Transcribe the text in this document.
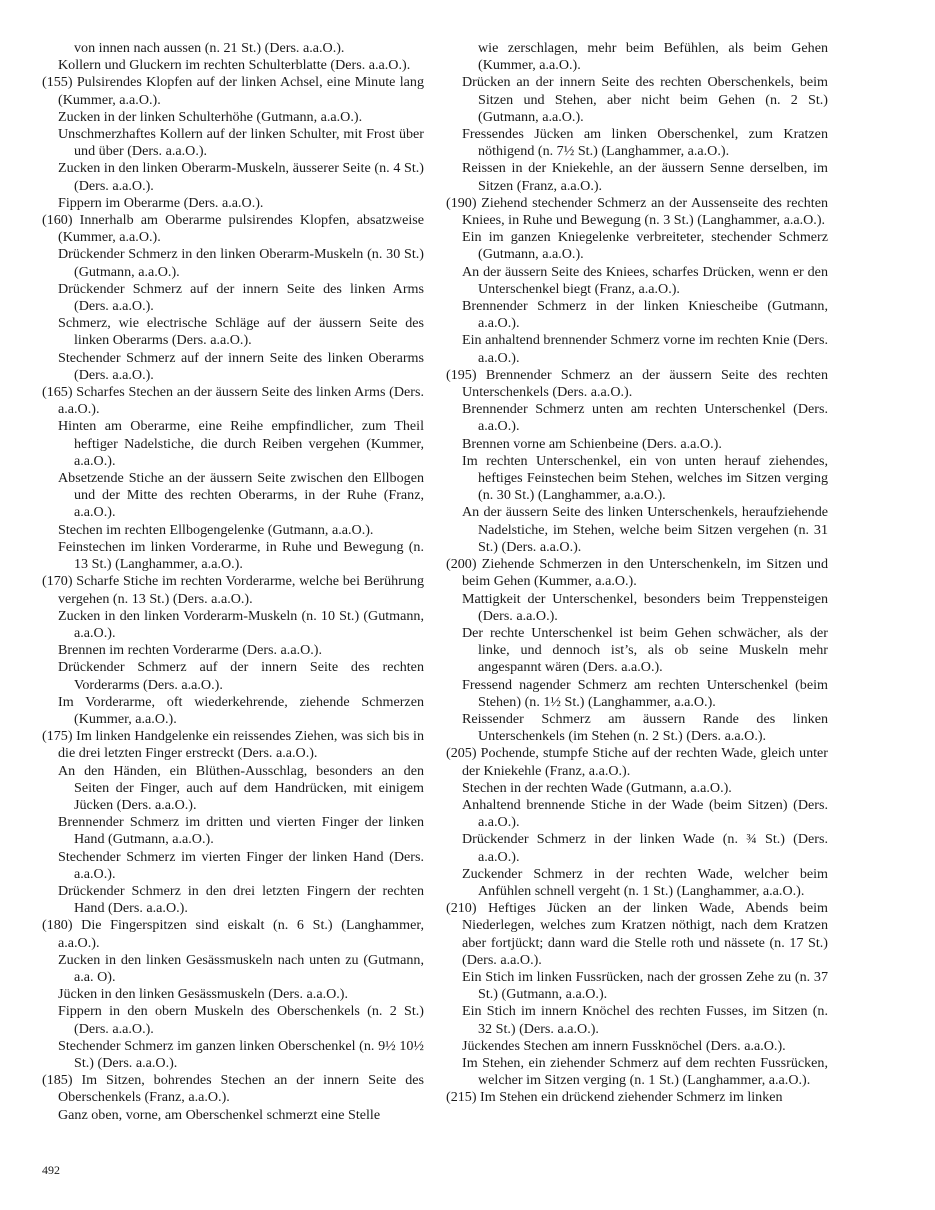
von innen nach aussen (n. 21 St.) (Ders. a.a.O.).

Kollern und Gluckern im rechten Schulterblatte (Ders. a.a.O.).

(155) Pulsirendes Klopfen auf der linken Achsel, eine Minute lang (Kummer, a.a.O.).

Zucken in der linken Schulterhöhe (Gutmann, a.a.O.).

Unschmerzhaftes Kollern auf der linken Schulter, mit Frost über und über (Ders. a.a.O.).

Zucken in den linken Oberarm-Muskeln, äusserer Seite (n. 4 St.) (Ders. a.a.O.).

Fippern im Oberarme (Ders. a.a.O.).

(160) Innerhalb am Oberarme pulsirendes Klopfen, absatzweise (Kummer, a.a.O.).

Drückender Schmerz in den linken Oberarm-Muskeln (n. 30 St.) (Gutmann, a.a.O.).

Drückender Schmerz auf der innern Seite des linken Arms (Ders. a.a.O.).

Schmerz, wie electrische Schläge auf der äussern Seite des linken Oberarms (Ders. a.a.O.).

Stechender Schmerz auf der innern Seite des linken Oberarms (Ders. a.a.O.).

(165) Scharfes Stechen an der äussern Seite des linken Arms (Ders. a.a.O.).

Hinten am Oberarme, eine Reihe empfindlicher, zum Theil heftiger Nadelstiche, die durch Reiben vergehen (Kummer, a.a.O.).

Absetzende Stiche an der äussern Seite zwischen den Ellbogen und der Mitte des rechten Oberarms, in der Ruhe (Franz, a.a.O.).

Stechen im rechten Ellbogengelenke (Gutmann, a.a.O.).

Feinstechen im linken Vorderarme, in Ruhe und Bewegung (n. 13 St.) (Langhammer, a.a.O.).

(170) Scharfe Stiche im rechten Vorderarme, welche bei Berührung vergehen (n. 13 St.) (Ders. a.a.O.).

Zucken in den linken Vorderarm-Muskeln (n. 10 St.) (Gutmann, a.a.O.).

Brennen im rechten Vorderarme (Ders. a.a.O.).

Drückender Schmerz auf der innern Seite des rechten Vorderarms (Ders. a.a.O.).

Im Vorderarme, oft wiederkehrende, ziehende Schmerzen (Kummer, a.a.O.).

(175) Im linken Handgelenke ein reissendes Ziehen, was sich bis in die drei letzten Finger erstreckt (Ders. a.a.O.).

An den Händen, ein Blüthen-Ausschlag, besonders an den Seiten der Finger, auch auf dem Handrücken, mit einigem Jücken (Ders. a.a.O.).

Brennender Schmerz im dritten und vierten Finger der linken Hand (Gutmann, a.a.O.).

Stechender Schmerz im vierten Finger der linken Hand (Ders. a.a.O.).

Drückender Schmerz in den drei letzten Fingern der rechten Hand (Ders. a.a.O.).

(180) Die Fingerspitzen sind eiskalt (n. 6 St.) (Langhammer, a.a.O.).

Zucken in den linken Gesässmuskeln nach unten zu (Gutmann, a.a. O).

Jücken in den linken Gesässmuskeln (Ders. a.a.O.).

Fippern in den obern Muskeln des Oberschenkels (n. 2 St.) (Ders. a.a.O.).

Stechender Schmerz im ganzen linken Oberschenkel (n. 9½ 10½ St.) (Ders. a.a.O.).

(185) Im Sitzen, bohrendes Stechen an der innern Seite des Oberschenkels (Franz, a.a.O.).

Ganz oben, vorne, am Oberschenkel schmerzt eine Stelle

wie zerschlagen, mehr beim Befühlen, als beim Gehen (Kummer, a.a.O.).

Drücken an der innern Seite des rechten Oberschenkels, beim Sitzen und Stehen, aber nicht beim Gehen (n. 2 St.) (Gutmann, a.a.O.).

Fressendes Jücken am linken Oberschenkel, zum Kratzen nöthigend (n. 7½ St.) (Langhammer, a.a.O.).

Reissen in der Kniekehle, an der äussern Senne derselben, im Sitzen (Franz, a.a.O.).

(190) Ziehend stechender Schmerz an der Aussenseite des rechten Kniees, in Ruhe und Bewegung (n. 3 St.) (Langhammer, a.a.O.).

Ein im ganzen Kniegelenke verbreiteter, stechender Schmerz (Gutmann, a.a.O.).

An der äussern Seite des Kniees, scharfes Drücken, wenn er den Unterschenkel biegt (Franz, a.a.O.).

Brennender Schmerz in der linken Kniescheibe (Gutmann, a.a.O.).

Ein anhaltend brennender Schmerz vorne im rechten Knie (Ders. a.a.O.).

(195) Brennender Schmerz an der äussern Seite des rechten Unterschenkels (Ders. a.a.O.).

Brennender Schmerz unten am rechten Unterschenkel (Ders. a.a.O.).

Brennen vorne am Schienbeine (Ders. a.a.O.).

Im rechten Unterschenkel, ein von unten herauf ziehendes, heftiges Feinstechen beim Stehen, welches im Sitzen verging (n. 30 St.) (Langhammer, a.a.O.).

An der äussern Seite des linken Unterschenkels, heraufziehende Nadelstiche, im Stehen, welche beim Sitzen vergehen (n. 31 St.) (Ders. a.a.O.).

(200) Ziehende Schmerzen in den Unterschenkeln, im Sitzen und beim Gehen (Kummer, a.a.O.).

Mattigkeit der Unterschenkel, besonders beim Treppensteigen (Ders. a.a.O.).

Der rechte Unterschenkel ist beim Gehen schwächer, als der linke, und dennoch ist’s, als ob seine Muskeln mehr angespannt wären (Ders. a.a.O.).

Fressend nagender Schmerz am rechten Unterschenkel (beim Stehen) (n. 1½ St.) (Langhammer, a.a.O.).

Reissender Schmerz am äussern Rande des linken Unterschenkels (im Stehen (n. 2 St.) (Ders. a.a.O.).

(205) Pochende, stumpfe Stiche auf der rechten Wade, gleich unter der Kniekehle (Franz, a.a.O.).

Stechen in der rechten Wade (Gutmann, a.a.O.).

Anhaltend brennende Stiche in der Wade (beim Sitzen) (Ders. a.a.O.).

Drückender Schmerz in der linken Wade (n. ¾ St.) (Ders. a.a.O.).

Zuckender Schmerz in der rechten Wade, welcher beim Anfühlen schnell vergeht (n. 1 St.) (Langhammer, a.a.O.).

(210) Heftiges Jücken an der linken Wade, Abends beim Niederlegen, welches zum Kratzen nöthigt, nach dem Kratzen aber fortjückt; dann ward die Stelle roth und nässete (n. 17 St.) (Ders. a.a.O.).

Ein Stich im linken Fussrücken, nach der grossen Zehe zu (n. 37 St.) (Gutmann, a.a.O.).

Ein Stich im innern Knöchel des rechten Fusses, im Sitzen (n. 32 St.) (Ders. a.a.O.).

Jückendes Stechen am innern Fussknöchel (Ders. a.a.O.).

Im Stehen, ein ziehender Schmerz auf dem rechten Fussrücken, welcher im Sitzen verging (n. 1 St.) (Langhammer, a.a.O.).

(215) Im Stehen ein drückend ziehender Schmerz im linken

492
